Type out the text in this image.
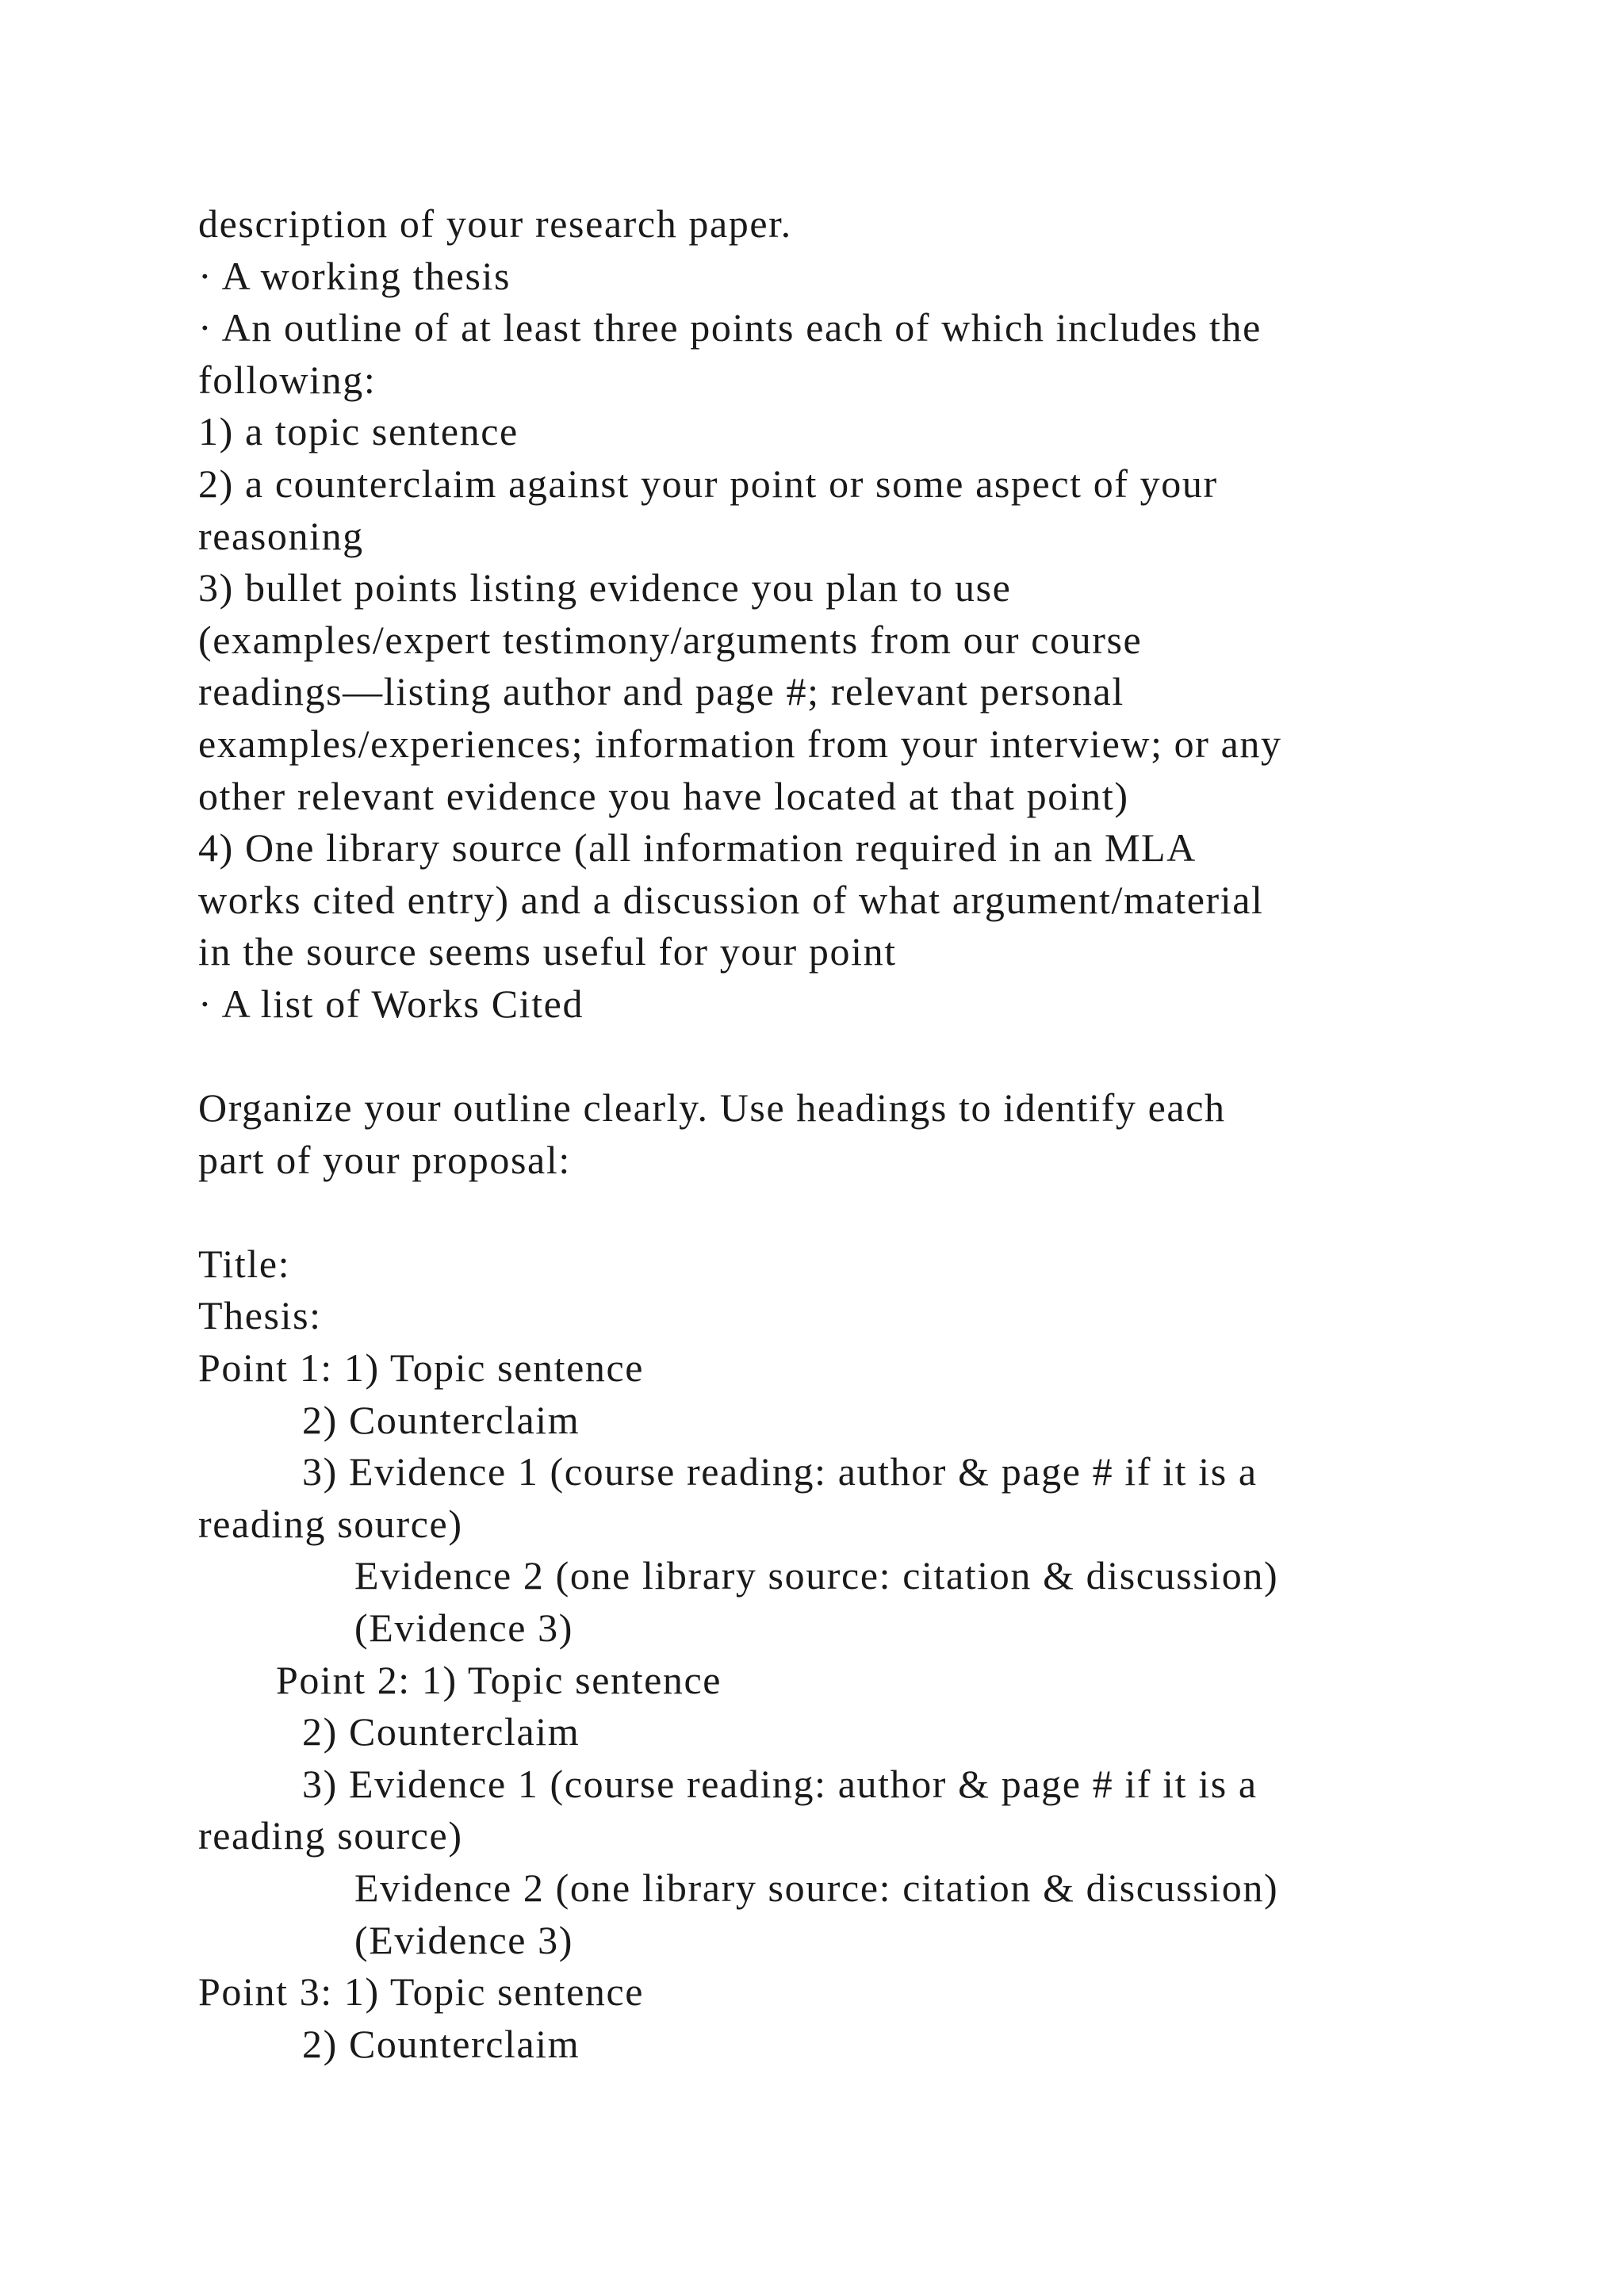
description of your research paper.
· A working thesis
· An outline of at least three points each of which includes the
following:
1) a topic sentence
2) a counterclaim against your point or some aspect of your
reasoning
3) bullet points listing evidence you plan to use
(examples/expert testimony/arguments from our course
readings—listing author and page #; relevant personal
examples/experiences; information from your interview; or any
other relevant evidence you have located at that point)
4) One library source (all information required in an MLA
works cited entry) and a discussion of what argument/material
in the source seems useful for your point
· A list of Works Cited
Organize your outline clearly. Use headings to identify each
part of your proposal:
Title:
Thesis:
Point 1: 1) Topic sentence
2) Counterclaim
3) Evidence 1 (course reading: author & page # if it is a
reading source)
Evidence 2 (one library source: citation & discussion)
(Evidence 3)
Point 2: 1) Topic sentence
2) Counterclaim
3) Evidence 1 (course reading: author & page # if it is a
reading source)
Evidence 2 (one library source: citation & discussion)
(Evidence 3)
Point 3: 1) Topic sentence
2) Counterclaim
